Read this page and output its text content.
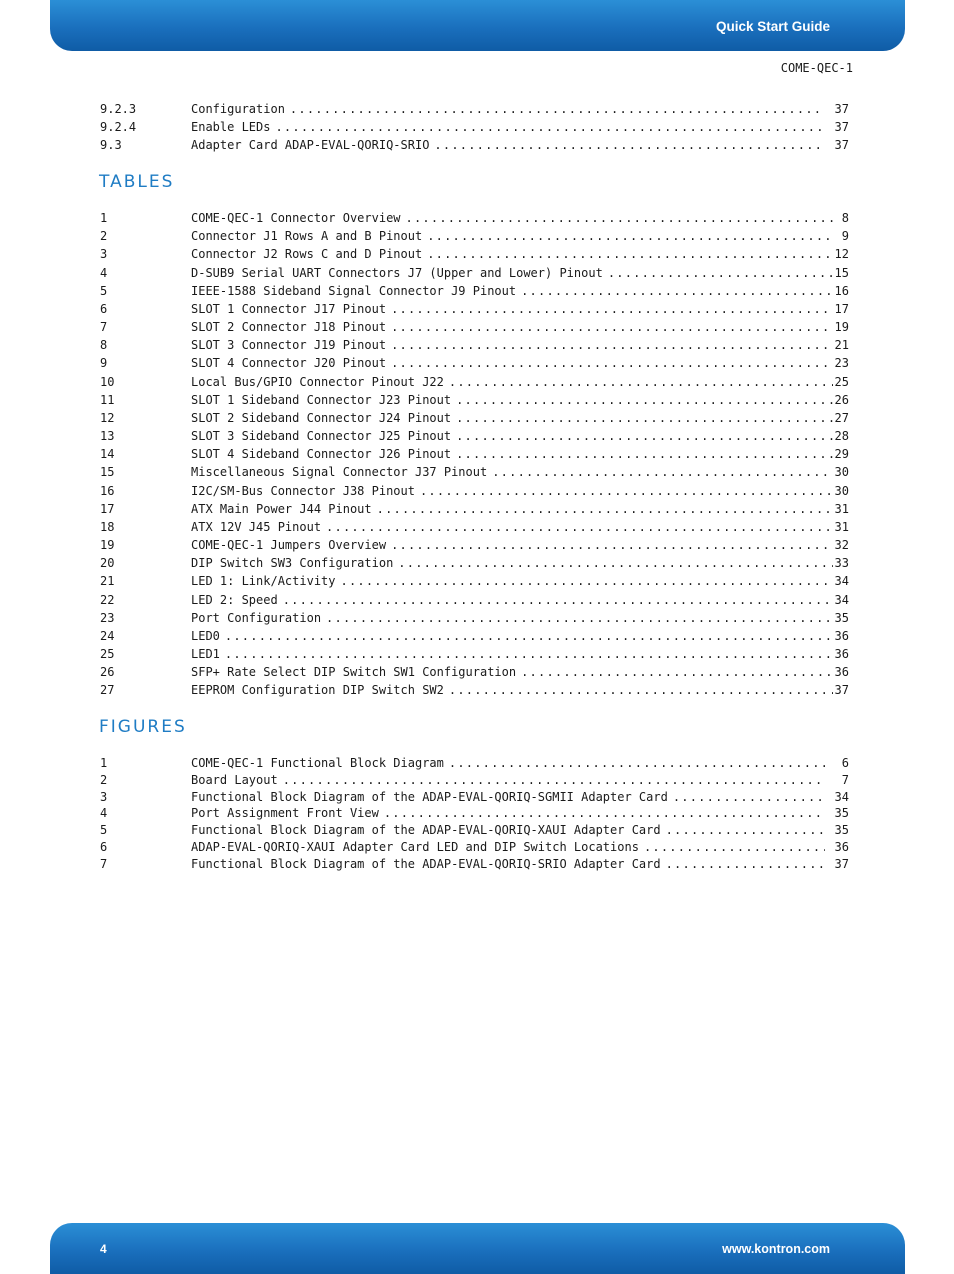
Quick Start Guide
COME-QEC-1
9.2.3	Configuration . . .	37
9.2.4	Enable LEDs . . .	37
9.3	Adapter Card ADAP-EVAL-QORIQ-SRIO . . .	37
TABLES
1	COME-QEC-1 Connector Overview . . .	8
2	Connector J1 Rows A and B Pinout . . .	9
3	Connector J2 Rows C and D Pinout . . .	12
4	D-SUB9 Serial UART Connectors J7 (Upper and Lower) Pinout . . .	15
5	IEEE-1588 Sideband Signal Connector J9 Pinout . . .	16
6	SLOT 1 Connector J17 Pinout . . .	17
7	SLOT 2 Connector J18 Pinout . . .	19
8	SLOT 3 Connector J19 Pinout . . .	21
9	SLOT 4 Connector J20 Pinout . . .	23
10	Local Bus/GPIO Connector Pinout J22 . . .	25
11	SLOT 1 Sideband Connector J23 Pinout . . .	26
12	SLOT 2 Sideband Connector J24 Pinout . . .	27
13	SLOT 3 Sideband Connector J25 Pinout . . .	28
14	SLOT 4 Sideband Connector J26 Pinout . . .	29
15	Miscellaneous Signal Connector J37 Pinout . . .	30
16	I2C/SM-Bus Connector J38 Pinout . . .	30
17	ATX Main Power J44 Pinout . . .	31
18	ATX 12V J45 Pinout . . .	31
19	COME-QEC-1 Jumpers Overview . . .	32
20	DIP Switch SW3 Configuration . . .	33
21	LED 1: Link/Activity . . .	34
22	LED 2: Speed . . .	34
23	Port Configuration . . .	35
24	LED0 . . .	36
25	LED1 . . .	36
26	SFP+ Rate Select DIP Switch SW1 Configuration . . .	36
27	EEPROM Configuration DIP Switch SW2 . . .	37
FIGURES
1	COME-QEC-1 Functional Block Diagram . . .	6
2	Board Layout . . .	7
3	Functional Block Diagram of the ADAP-EVAL-QORIQ-SGMII Adapter Card . . .	34
4	Port Assignment Front View . . .	35
5	Functional Block Diagram of the ADAP-EVAL-QORIQ-XAUI Adapter Card . . .	35
6	ADAP-EVAL-QORIQ-XAUI Adapter Card LED and DIP Switch Locations . . .	36
7	Functional Block Diagram of the ADAP-EVAL-QORIQ-SRIO Adapter Card . . .	37
4	www.kontron.com
